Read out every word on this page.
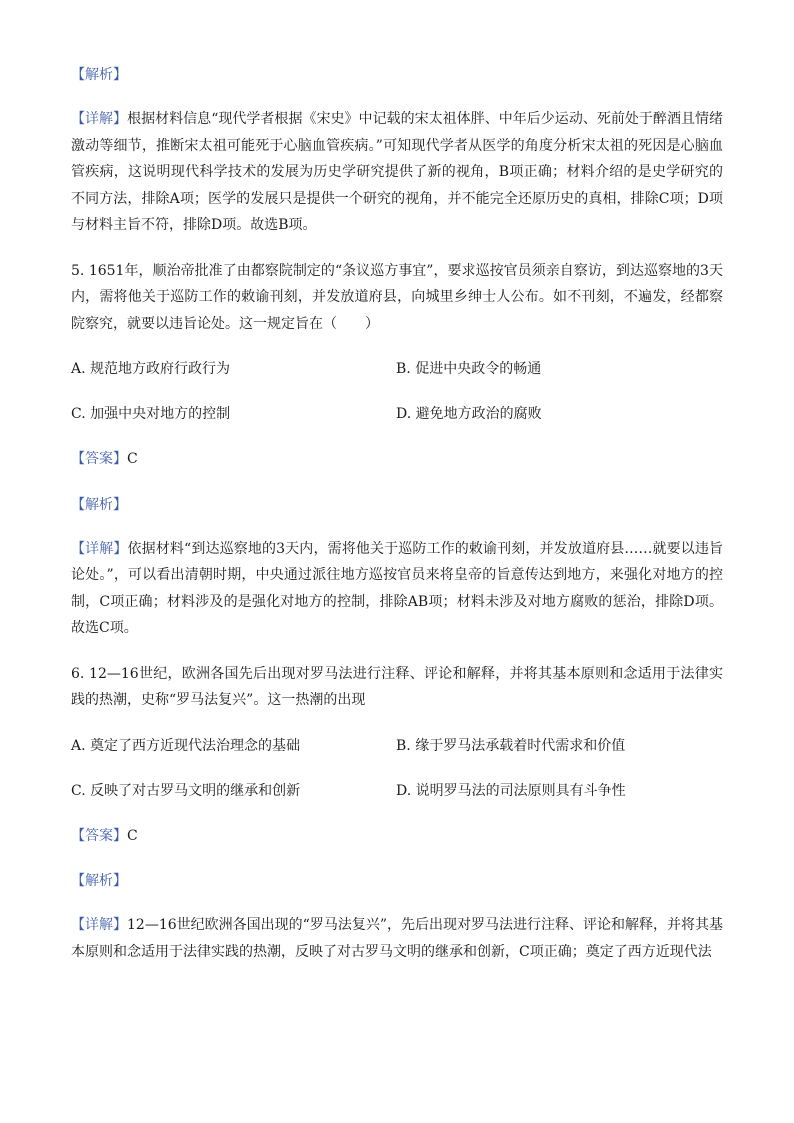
【解析】

【详解】根据材料信息“现代学者根据《宋史》中记载的宋太祖体胖、中年后少运动、死前处于醉酒且情绪激动等细节，推断宋太祖可能死于心脑血管疾病。”可知现代学者从医学的角度分析宋太祖的死因是心脑血管疾病，这说明现代科学技术的发展为历史学研究提供了新的视角，B项正确；材料介绍的是史学研究的不同方法，排除A项；医学的发展只是提供一个研究的视角，并不能完全还原历史的真相，排除C项；D项与材料主旨不符，排除D项。故选B项。

5. 1651年，顺治帝批准了由都察院制定的“条议巡方事宜”，要求巡按官员须亲自察访，到达巡察地的3天内，需将他关于巡防工作的敕谕刊刻，并发放道府县，向城里乡绅士人公布。如不刊刻，不遍发，经都察院察究，就要以违旨论处。这一规定旨在（　　）

A. 规范地方政府行政行为	B. 促进中央政令的畅通
C. 加强中央对地方的控制	D. 避免地方政治的腐败
【答案】C
【解析】

【详解】依据材料“到达巡察地的3天内，需将他关于巡防工作的敕谕刊刻，并发放道府县……就要以违旨论处。”，可以看出清朝时期，中央通过派往地方巡按官员来将皇帝的旨意传达到地方，来强化对地方的控制，C项正确；材料涉及的是强化对地方的控制，排除AB项；材料未涉及对地方腐败的惩治，排除D项。故选C项。

6. 12—16世纪，欧洲各国先后出现对罗马法进行注释、评论和解释，并将其基本原则和念适用于法律实践的热潮，史称“罗马法复兴”。这一热潮的出现

A. 奠定了西方近现代法治理念的基础	B. 缘于罗马法承载着时代需求和价值
C. 反映了对古罗马文明的继承和创新	D. 说明罗马法的司法原则具有斗争性
【答案】C
【解析】

【详解】12—16世纪欧洲各国出现的“罗马法复兴”，先后出现对罗马法进行注释、评论和解释，并将其基本原则和念适用于法律实践的热潮，反映了对古罗马文明的继承和创新，C项正确；奠定了西方近现代法
